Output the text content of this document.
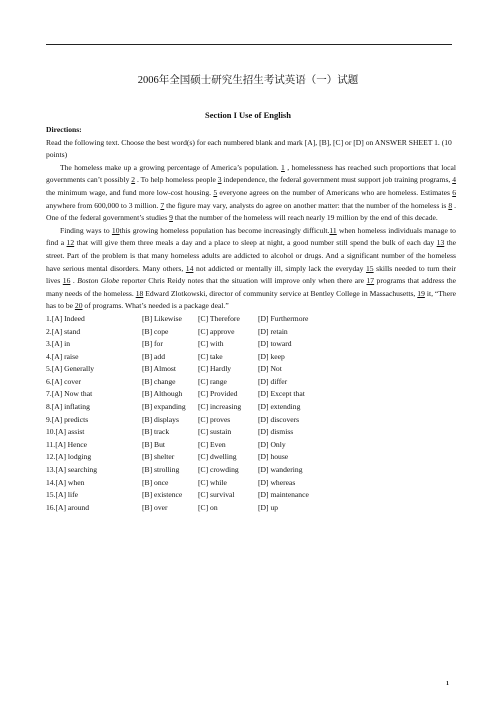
2006年全国硕士研究生招生考试英语（一）试题
Section I Use of English
Directions:
Read the following text. Choose the best word(s) for each numbered blank and mark [A], [B], [C] or [D] on ANSWER SHEET 1. (10 points)

The homeless make up a growing percentage of America’s population. 1 , homelessness has reached such proportions that local governments can’t possibly 2 . To help homeless people 3 independence, the federal government must support job training programs, 4 the minimum wage, and fund more low-cost housing. 5 everyone agrees on the number of Americans who are homeless. Estimates 6 anywhere from 600,000 to 3 million. 7 the figure may vary, analysts do agree on another matter: that the number of the homeless is 8 . One of the federal government’s studies 9 that the number of the homeless will reach nearly 19 million by the end of this decade.

Finding ways to 10this growing homeless population has become increasingly difficult.11 when homeless individuals manage to find a 12 that will give them three meals a day and a place to sleep at night, a good number still spend the bulk of each day 13 the street. Part of the problem is that many homeless adults are addicted to alcohol or drugs. And a significant number of the homeless have serious mental disorders. Many others, 14 not addicted or mentally ill, simply lack the everyday 15 skills needed to turn their lives 16 . Boston Globe reporter Chris Reidy notes that the situation will improve only when there are 17 programs that address the many needs of the homeless. 18 Edward Zlotkowski, director of community service at Bentley College in Massachusetts, 19 it, “There has to be 20 of programs. What’s needed is a package deal.”

1.[A] Indeed	[B] Likewise	[C] Therefore	[D] Furthermore
2.[A] stand	[B] cope	[C] approve	[D] retain
3.[A] in	[B] for	[C] with	[D] toward
4.[A] raise	[B] add	[C] take	[D] keep
5.[A] Generally	[B] Almost	[C] Hardly	[D] Not
6.[A] cover	[B] change	[C] range	[D] differ
7.[A] Now that	[B] Although	[C] Provided	[D] Except that
8.[A] inflating	[B] expanding	[C] increasing	[D] extending
9.[A] predicts	[B] displays	[C] proves	[D] discovers
10.[A] assist	[B] track	[C] sustain	[D] dismiss
11.[A] Hence	[B] But	[C] Even	[D] Only
12.[A] lodging	[B] shelter	[C] dwelling	[D] house
13.[A] searching	[B] strolling	[C] crowding	[D] wandering
14.[A] when	[B] once	[C] while	[D] whereas
15.[A] life	[B] existence	[C] survival	[D] maintenance
16.[A] around	[B] over	[C] on	[D] up
1
